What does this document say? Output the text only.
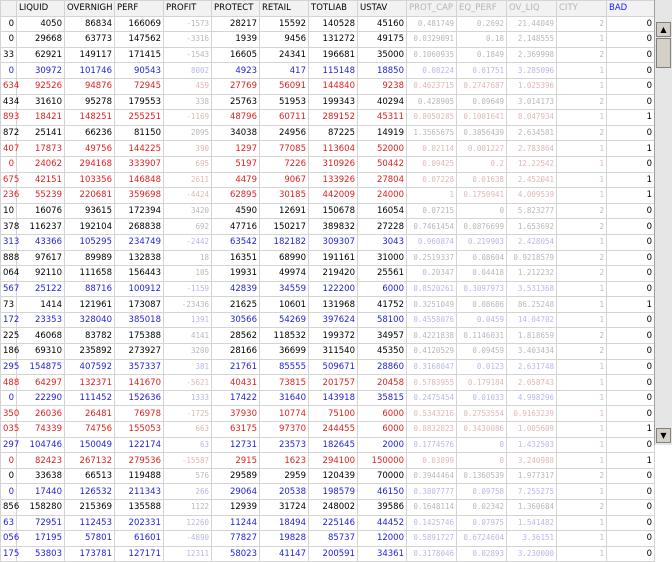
	LIQUID	OVERNIGH	PERF	PROFIT	PROTECT	RETAIL	TOTLIAB	USTAV	PROT_CAP	EQ_PERF	OV_LIQ	CITY	BAD
0	4050	86834	166069	-1573	28217	15592	140528	45160	0.481749	0.2692	21.44049	2	0
0	29668	63773	147562	-3316	1939	9456	131272	49175	0.0329091	0.18	2.148555	1	0
33	62921	149117	171415	-1543	16605	24341	196681	35000	0.1060935	0.1849	2.369998	2	0
0	30972	101746	90543	8002	4923	417	115148	18850	0.08224	0.01751	3.285096	1	0
634	92526	94876	72945	459	27769	56091	144840	9238	0.4623715	0.2747687	1.025396	1	0
434	31610	95278	179553	338	25763	51953	199343	40294	0.428905	0.09649	3.014173	2	0
893	18421	148251	255251	-1169	48796	60711	289152	45311	0.8050285	0.1081641	8.047934	1	1
872	25141	66236	81150	2095	34038	24956	87225	14919	1.3565675	0.3856439	2.634581	2	0
407	17873	49756	144225	390	1297	77085	113604	52000	0.02114	0.001227	2.783864	1	1
0	24062	294168	333907	695	5197	7226	310926	50442	0.09425	0.2	12.22542	1	0
675	42151	103356	146848	2611	4479	9067	133926	27804	0.07228	0.01638	2.452041	1	1
236	55239	220681	359698	-4424	62895	30185	442009	24000	1	0.1750941	4.009539	1	1
10	16076	93615	172394	3420	4590	12691	150678	16054	0.07215	0	5.823277	2	0
378	116237	192104	268838	692	47716	150217	389832	27228	0.7461454	0.0876699	1.653692	2	0
313	43366	105295	234749	-2442	63542	182182	309307	3043	0.960874	0.219903	2.428054	1	0
888	97617	89989	132838	18	16351	68990	191161	31000	0.2519337	0.08604	0.9218579	2	0
064	92110	111658	156443	105	19931	49974	219420	25561	0.20347	0.04418	1.212232	2	0
567	25122	88716	100912	-1159	42839	34559	122200	6000	0.8520261	0.3097973	3.531368	1	0
73	1414	121961	173087	-23436	21625	10601	131968	41752	0.3251049	0.08686	86.25248	1	1
172	23353	328040	385018	1391	30566	54269	397624	58100	0.4558076	0.0459	14.04702	1	0
225	46068	83782	175388	4141	28562	118532	199372	34957	0.4221838	0.1146031	1.818659	2	0
186	69310	235892	273927	3200	28166	36699	311540	45350	0.4120529	0.09459	3.403434	2	0
295	154875	407592	357337	381	21761	85555	509671	28860	0.3168047	0.0123	2.631748	1	0
488	64297	132371	141670	-5621	40431	73815	201757	20458	0.5783955	0.179184	2.058743	1	0
0	22290	111452	152636	1333	17422	31640	143918	35815	0.2475454	0.01033	4.998296	1	0
350	26036	26481	76978	-1725	37930	10774	75100	6000	0.5343216	0.2753554	0.9163239	1	0
035	74339	74756	155053	663	63175	97370	244455	6000	0.8832823	0.3430086	1.005609	1	1
297	104746	150049	122174	63	12731	23573	182645	2000	0.1774576	0	1.432503	1	0
0	82423	267132	279536	-15587	2915	1623	294100	150000	0.03899	0	3.240988	1	1
0	33638	66513	119488	576	29589	2959	120439	70000	0.3944464	0.1360539	1.977317	2	0
0	17440	126532	211343	266	29064	20538	198579	46150	0.3807777	0.09758	7.255275	1	0
856	158280	215369	135588	1122	12939	31724	248002	39586	0.1648114	0.02342	1.360684	2	0
63	72951	112453	202331	12260	11244	18494	225146	44452	0.1425746	0.07975	1.541482	1	0
056	17195	57801	61601	-4890	77827	19828	85737	12000	0.5891727	0.6724604	3.36151	1	0
175	53803	173781	127171	12311	58023	41147	200591	34361	0.3178046	0.02893	3.230000	1	0
▲
▼
